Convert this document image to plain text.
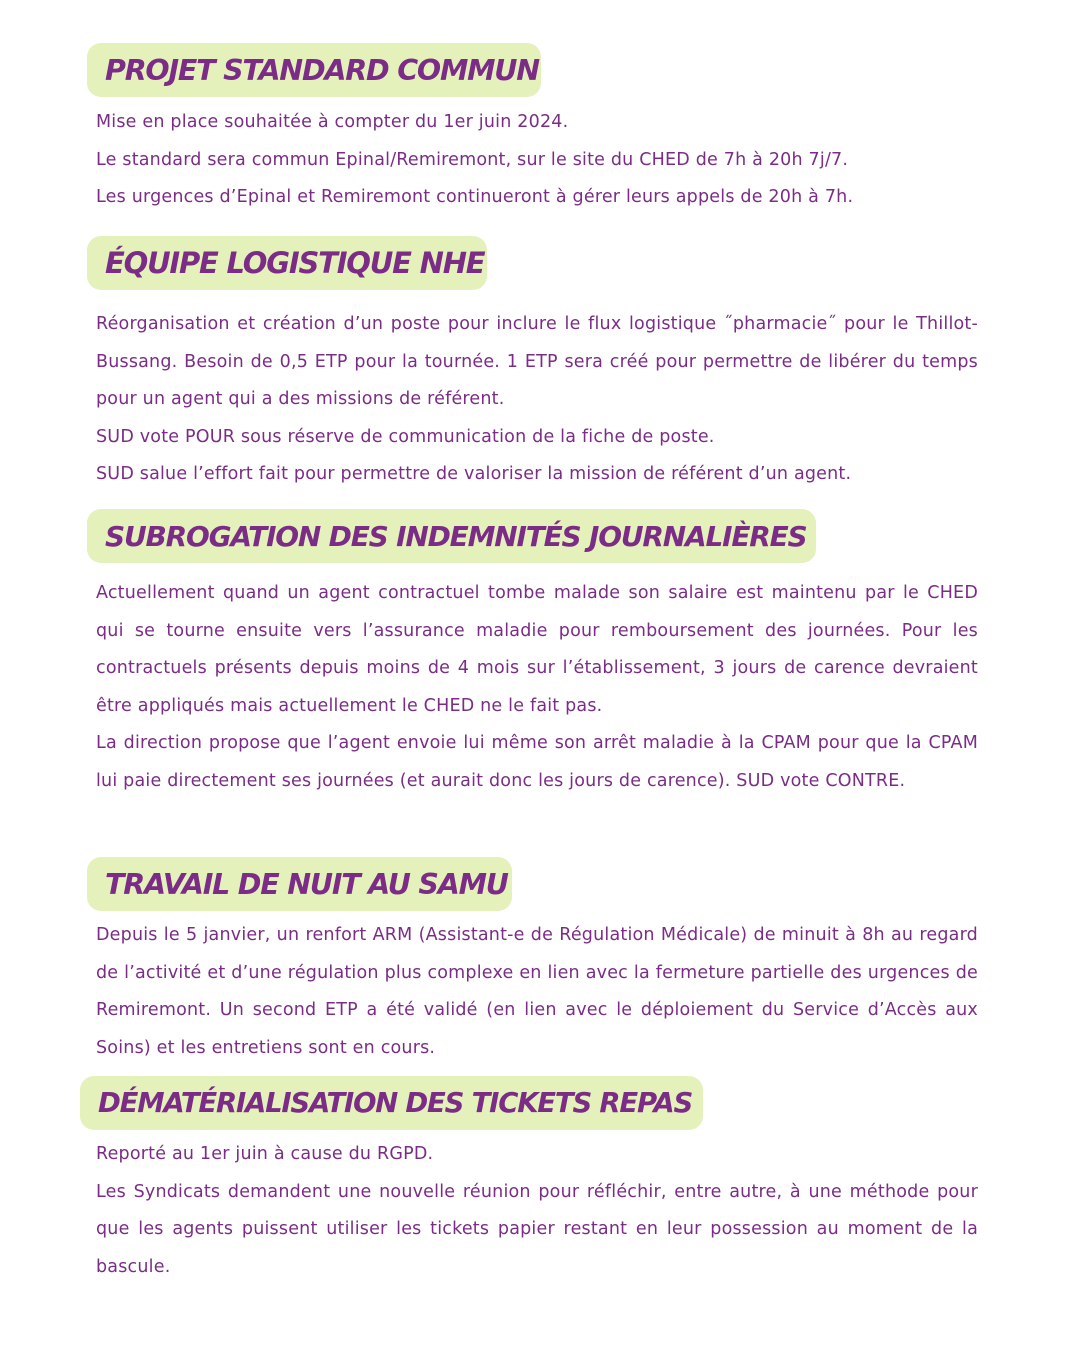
PROJET STANDARD COMMUN

Mise en place souhaitée à compter du 1er juin 2024.
Le standard sera commun Epinal/Remiremont, sur le site du CHED de 7h à 20h 7j/7.
Les urgences d’Epinal et Remiremont continueront à gérer leurs appels de 20h à 7h.

ÉQUIPE LOGISTIQUE NHE

Réorganisation et création d’un poste pour inclure le flux logistique ˝pharmacie˝ pour le Thillot-Bussang. Besoin de 0,5 ETP pour la tournée. 1 ETP sera créé pour permettre de libérer du temps pour un agent qui a des missions de référent.
SUD vote POUR sous réserve de communication de la fiche de poste.
SUD salue l’effort fait pour permettre de valoriser la mission de référent d’un agent.

SUBROGATION DES INDEMNITÉS JOURNALIÈRES

Actuellement quand un agent contractuel tombe malade son salaire est maintenu par le CHED qui se tourne ensuite vers l’assurance maladie pour remboursement des journées. Pour les contractuels présents depuis moins de 4 mois sur l’établissement, 3 jours de carence devraient être appliqués mais actuellement le CHED ne le fait pas.
La direction propose que l’agent envoie lui même son arrêt maladie à la CPAM pour que la CPAM lui paie directement ses journées (et aurait donc les jours de carence). SUD vote CONTRE.

TRAVAIL DE NUIT AU SAMU

Depuis le 5 janvier, un renfort ARM (Assistant-e de Régulation Médicale) de minuit à 8h au regard de l’activité et d’une régulation plus complexe en lien avec la fermeture partielle des urgences de Remiremont. Un second ETP a été validé (en lien avec le déploiement du Service d’Accès aux Soins) et les entretiens sont en cours.

DÉMATÉRIALISATION DES TICKETS REPAS

Reporté au 1er juin à cause du RGPD.
Les Syndicats demandent une nouvelle réunion pour réfléchir, entre autre, à une méthode pour que les agents puissent utiliser les tickets papier restant en leur possession au moment de la bascule.
